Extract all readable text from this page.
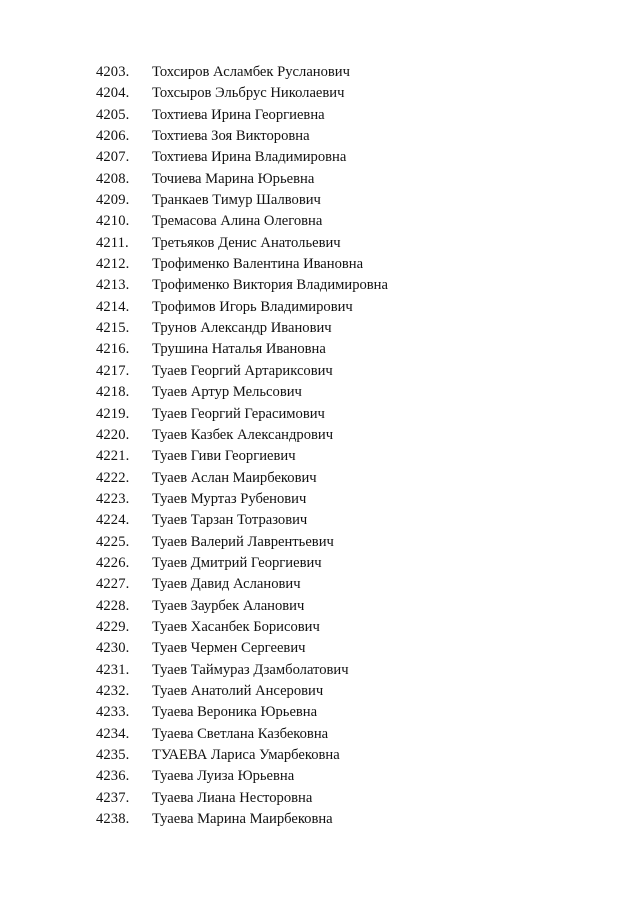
4203.	Тохсиров Асламбек Русланович
4204.	Тохсыров Эльбрус Николаевич
4205.	Тохтиева Ирина Георгиевна
4206.	Тохтиева Зоя Викторовна
4207.	Тохтиева Ирина Владимировна
4208.	Точиева Марина Юрьевна
4209.	Транкаев Тимур Шалвович
4210.	Тремасова Алина Олеговна
4211.	Третьяков Денис Анатольевич
4212.	Трофименко Валентина Ивановна
4213.	Трофименко Виктория Владимировна
4214.	Трофимов Игорь Владимирович
4215.	Трунов Александр Иванович
4216.	Трушина Наталья Ивановна
4217.	Туаев Георгий Артариксович
4218.	Туаев Артур Мельсович
4219.	Туаев Георгий Герасимович
4220.	Туаев Казбек Александрович
4221.	Туаев Гиви Георгиевич
4222.	Туаев Аслан Маирбекович
4223.	Туаев Муртаз Рубенович
4224.	Туаев Тарзан Тотразович
4225.	Туаев Валерий Лаврентьевич
4226.	Туаев Дмитрий Георгиевич
4227.	Туаев Давид Асланович
4228.	Туаев Заурбек Аланович
4229.	Туаев Хасанбек Борисович
4230.	Туаев Чермен Сергеевич
4231.	Туаев Таймураз Дзамболатович
4232.	Туаев Анатолий Ансерович
4233.	Туаева Вероника Юрьевна
4234.	Туаева Светлана Казбековна
4235.	ТУАЕВА Лариса Умарбековна
4236.	Туаева Луиза Юрьевна
4237.	Туаева Лиана Несторовна
4238.	Туаева Марина Маирбековна
